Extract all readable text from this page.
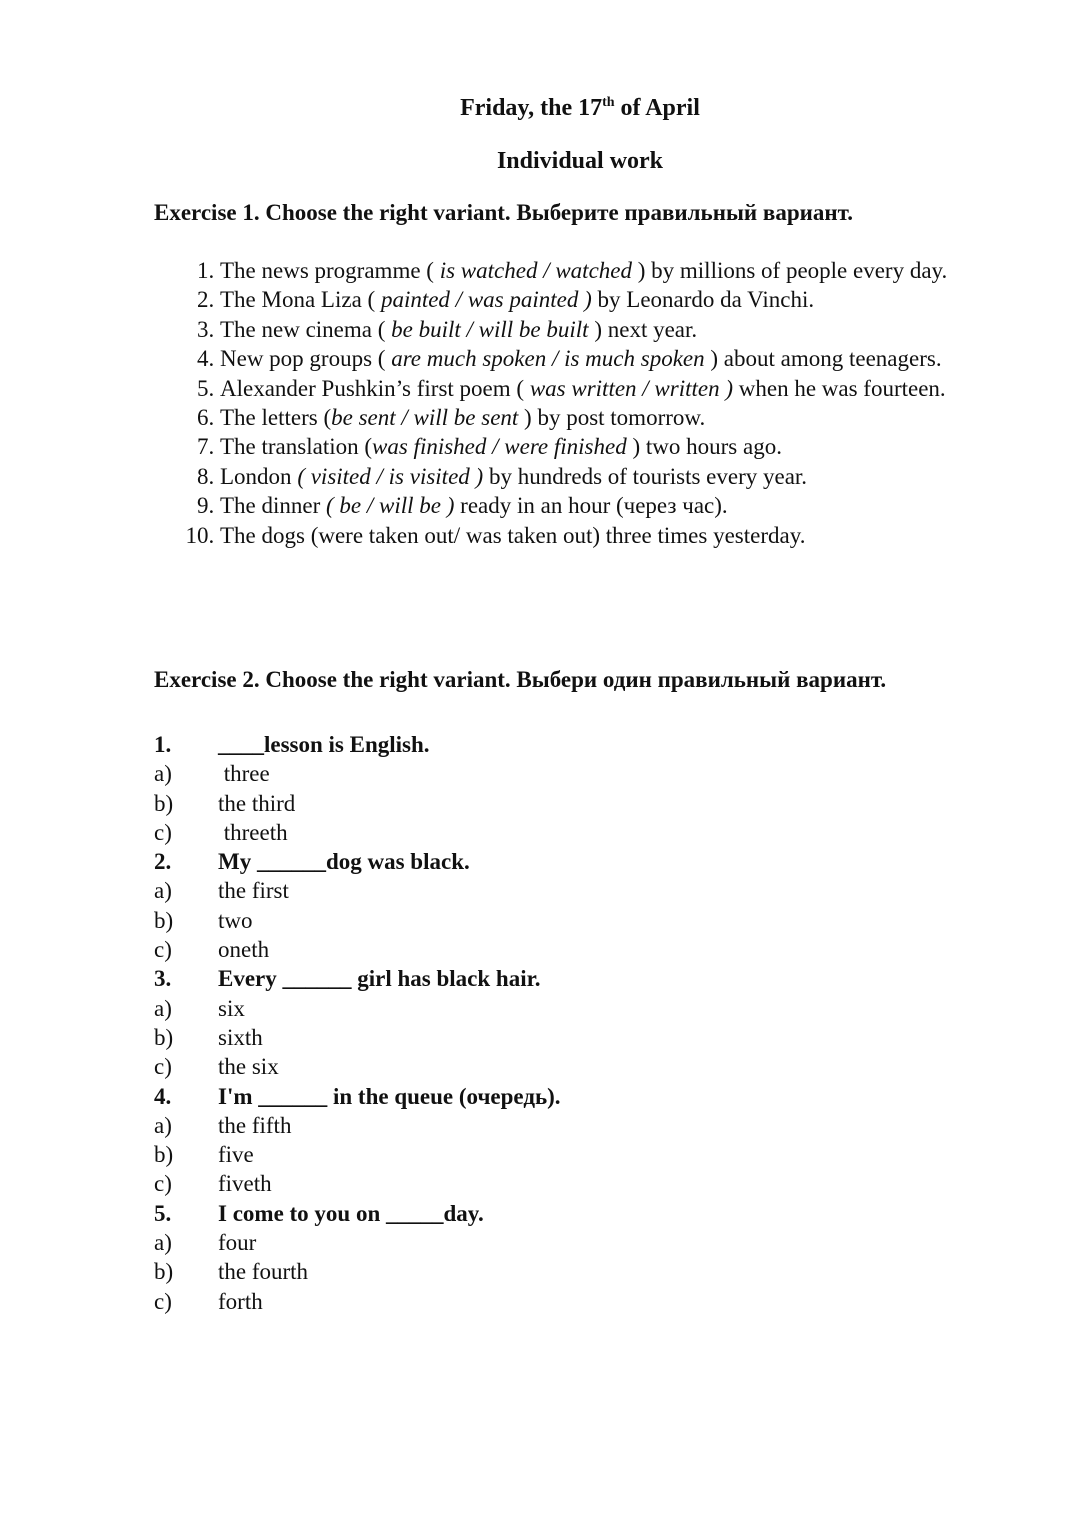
Friday, the 17th of April
Individual work
Exercise 1. Choose the right variant. Выберите правильный вариант.
1. The news programme ( is watched / watched ) by millions of people every day.
2. The Mona Liza ( painted / was painted ) by Leonardo da Vinchi.
3. The new cinema ( be built / will be built ) next year.
4. New pop groups ( are much spoken / is much spoken ) about among teenagers.
5. Alexander Pushkin’s first poem ( was written / written ) when he was fourteen.
6. The letters (be sent / will be sent ) by post tomorrow.
7. The translation (was finished / were finished ) two hours ago.
8. London ( visited / is visited ) by hundreds of tourists every year.
9. The dinner ( be / will be ) ready in an hour (через час).
10. The dogs (were taken out/ was taken out) three times yesterday.
Exercise 2. Choose the right variant. Выбери один правильный вариант.
1.	____lesson is English.
a)	three
b)	the third
c)	threeth
2.	My ______dog was black.
a)	the first
b)	two
c)	oneth
3.	Every ______ girl has black hair.
a)	six
b)	sixth
c)	the six
4.	I'm ______ in the queue (очередь).
a)	the fifth
b)	five
c)	fiveth
5.	I come to you on _____day.
a)	four
b)	the fourth
c)	forth
